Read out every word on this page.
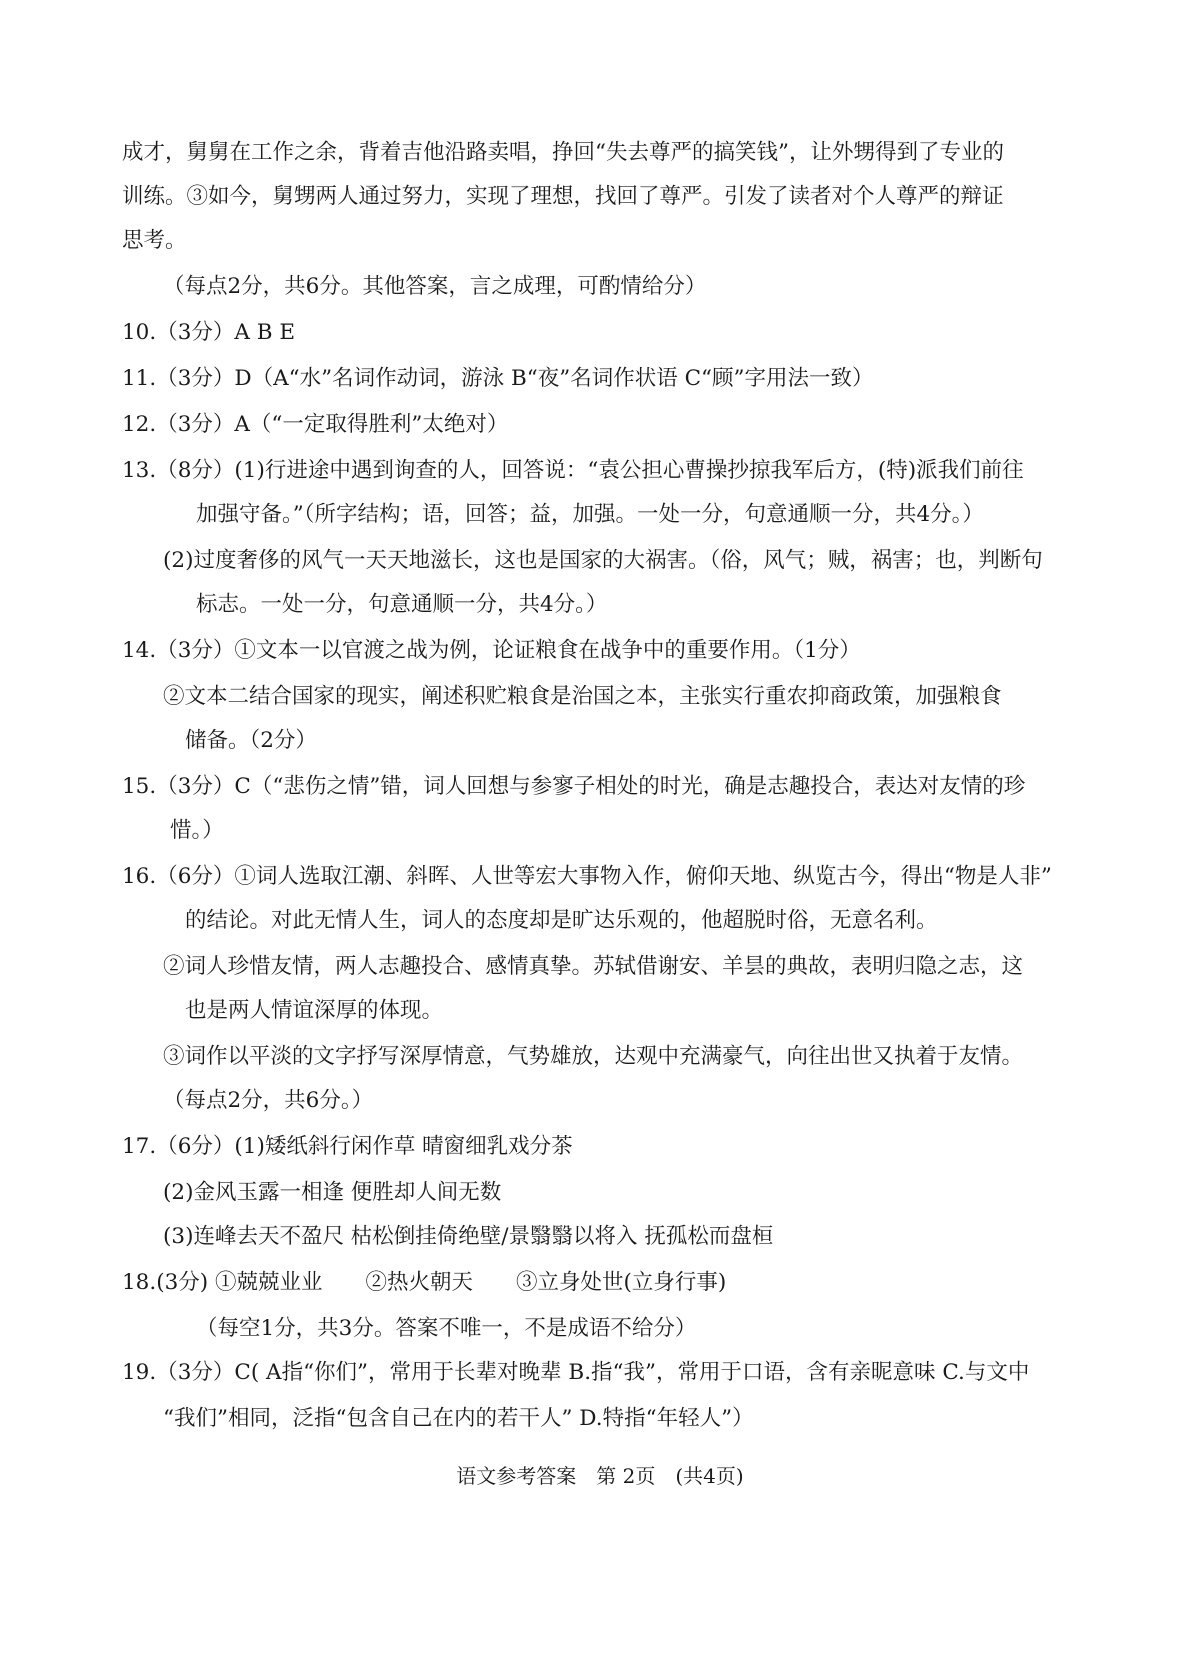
成才，舅舅在工作之余，背着吉他沿路卖唱，挣回“失去尊严的搞笑钱”，让外甥得到了专业的
训练。③如今，舅甥两人通过努力，实现了理想，找回了尊严。引发了读者对个人尊严的辩证
思考。
（每点2分，共6分。其他答案，言之成理，可酌情给分）
10.（3分）A B E
11.（3分）D（A“水”名词作动词，游泳 B“夜”名词作状语 C“顾”字用法一致）
12.（3分）A（“一定取得胜利”太绝对）
13.（8分）(1)行进途中遇到询查的人，回答说：“袁公担心曹操抄掠我军后方，(特)派我们前往
加强守备。”（所字结构；语，回答；益，加强。一处一分，句意通顺一分，共4分。）
(2)过度奢侈的风气一天天地滋长，这也是国家的大祸害。（俗，风气；贼，祸害；也，判断句
标志。一处一分，句意通顺一分，共4分。）
14.（3分）①文本一以官渡之战为例，论证粮食在战争中的重要作用。（1分）
②文本二结合国家的现实，阐述积贮粮食是治国之本，主张实行重农抑商政策，加强粮食
储备。（2分）
15.（3分）C（“悲伤之情”错，词人回想与参寥子相处的时光，确是志趣投合，表达对友情的珍
惜。）
16.（6分）①词人选取江潮、斜晖、人世等宏大事物入作，俯仰天地、纵览古今，得出“物是人非”
的结论。对此无情人生，词人的态度却是旷达乐观的，他超脱时俗，无意名利。
②词人珍惜友情，两人志趣投合、感情真挚。苏轼借谢安、羊昙的典故，表明归隐之志，这
也是两人情谊深厚的体现。
③词作以平淡的文字抒写深厚情意，气势雄放，达观中充满豪气，向往出世又执着于友情。
（每点2分，共6分。）
17.（6分）(1)矮纸斜行闲作草 晴窗细乳戏分茶
(2)金风玉露一相逢 便胜却人间无数
(3)连峰去天不盈尺 枯松倒挂倚绝壁/景翳翳以将入 抚孤松而盘桓
18.(3分) ①兢兢业业　　②热火朝天　　③立身处世(立身行事)
（每空1分，共3分。答案不唯一，不是成语不给分）
19.（3分）C( A指“你们”，常用于长辈对晚辈 B.指“我”，常用于口语，含有亲昵意味 C.与文中
“我们”相同，泛指“包含自己在内的若干人” D.特指“年轻人”）
语文参考答案　第 2页　(共4页)
